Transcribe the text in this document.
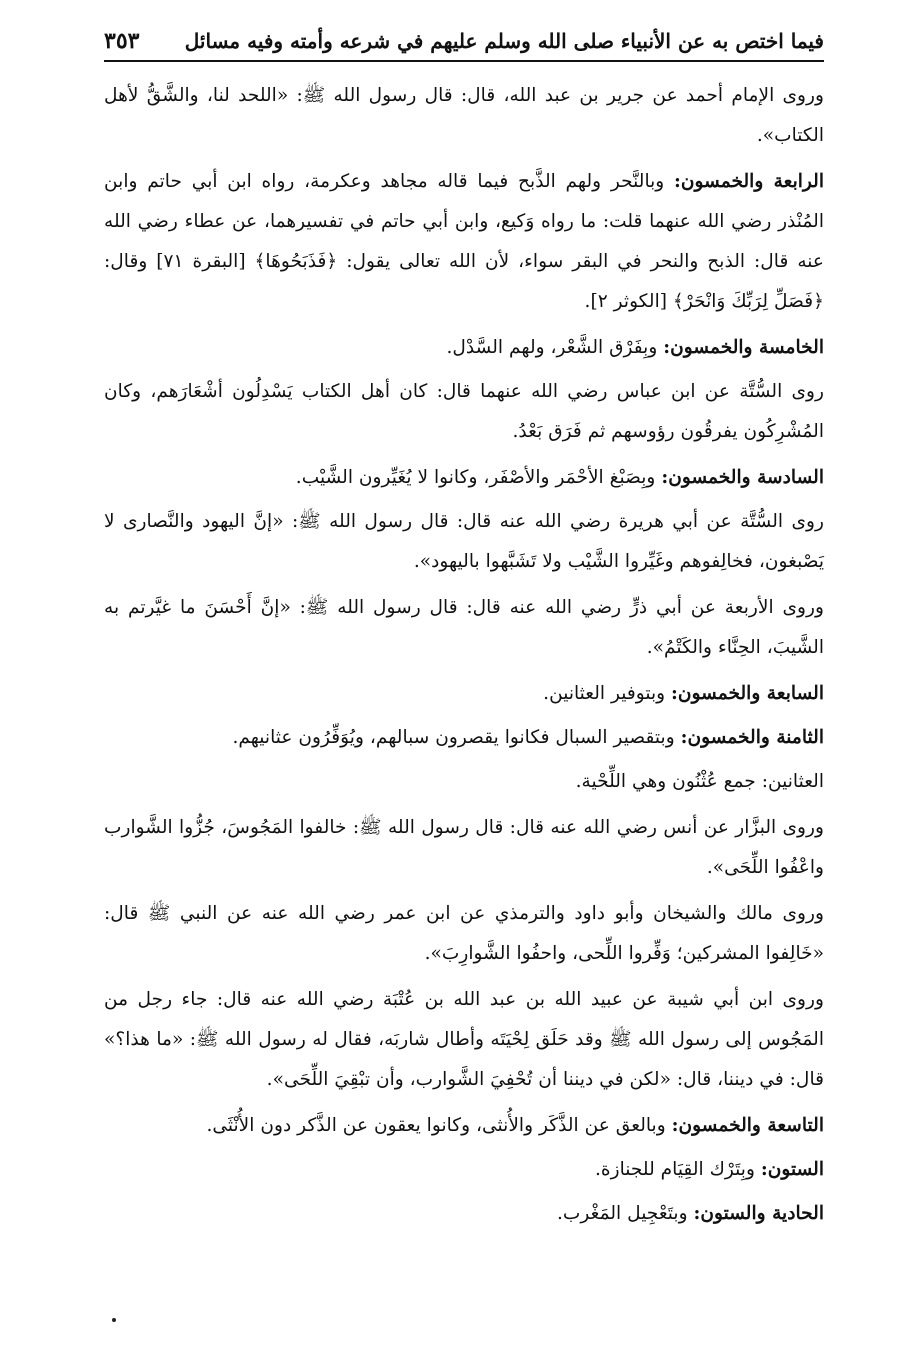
فيما اختص به عن الأنبياء صلى الله وسلم عليهم في شرعه وأمته وفيه مسائل
٣٥٣

وروى الإمام أحمد عن جرير بن عبد الله، قال: قال رسول الله ﷺ: «اللحد لنا، والشَّقُّ لأهل الكتاب».

الرابعة والخمسون: وبالنَّحر ولهم الذَّبح فيما قاله مجاهد وعكرمة، رواه ابن أبي حاتم وابن المُنْذر رضي الله عنهما قلت: ما رواه وَكيع، وابن أبي حاتم في تفسيرهما، عن عطاء رضي الله عنه قال: الذبح والنحر في البقر سواء، لأن الله تعالى يقول: ﴿فَذَبَحُوهَا﴾ [البقرة ٧١] وقال: ﴿فَصَلِّ لِرَبِّكَ وَانْحَرْ﴾ [الكوثر ٢].

الخامسة والخمسون: وبِفَرْق الشَّعْر، ولهم السَّدْل.

روى السُّتَّة عن ابن عباس رضي الله عنهما قال: كان أهل الكتاب يَسْدِلُون أشْعَارَهم، وكان المُشْرِكُون يفرقُون رؤوسهم ثم فَرَق بَعْدُ.

السادسة والخمسون: وبِصَبْغ الأحْمَر والأصْفَر، وكانوا لا يُغَيِّرون الشَّيْب.

روى السُّتَّة عن أبي هريرة رضي الله عنه قال: قال رسول الله ﷺ: «إنَّ اليهود والنَّصارى لا يَصْبغون، فخالِفوهم وغَيِّروا الشَّيْب ولا تَشَبَّهوا باليهود».

وروى الأربعة عن أبي ذرٍّ رضي الله عنه قال: قال رسول الله ﷺ: «إنَّ أَحْسَنَ ما غيَّرتم به الشَّيبَ، الحِنَّاء والكَتْمُ».

السابعة والخمسون: وبتوفير العثانين.

الثامنة والخمسون: وبتقصير السبال فكانوا يقصرون سبالهم، ويُوَفِّرُون عثانيهم.

العثانين: جمع عُثْنُون وهي اللِّحْية.

وروى البزَّار عن أنس رضي الله عنه قال: قال رسول الله ﷺ: خالفوا المَجُوسَ، جُزُّوا الشَّوارب واعْفُوا اللِّحَى».

وروى مالك والشيخان وأبو داود والترمذي عن ابن عمر رضي الله عنه عن النبي ﷺ قال: «خَالِفوا المشركين؛ وَفِّروا اللِّحى، واحفُوا الشَّوارِبَ».

وروى ابن أبي شيبة عن عبيد الله بن عبد الله بن عُتْبَة رضي الله عنه قال: جاء رجل من المَجُوس إلى رسول الله ﷺ وقد حَلَق لِحْيَتَه وأطال شاربَه، فقال له رسول الله ﷺ: «ما هذا؟» قال: في ديننا، قال: «لكن في ديننا أن تُحْفِيَ الشَّوارب، وأن تبْقِيَ اللِّحَى».

التاسعة والخمسون: وبالعق عن الذَّكَر والأُنثى، وكانوا يعقون عن الذَّكر دون الأُنْثَى.

الستون: وبِتَرْك القِيَام للجنازة.

الحادية والستون: وبتَعْجِيل المَغْرب.
